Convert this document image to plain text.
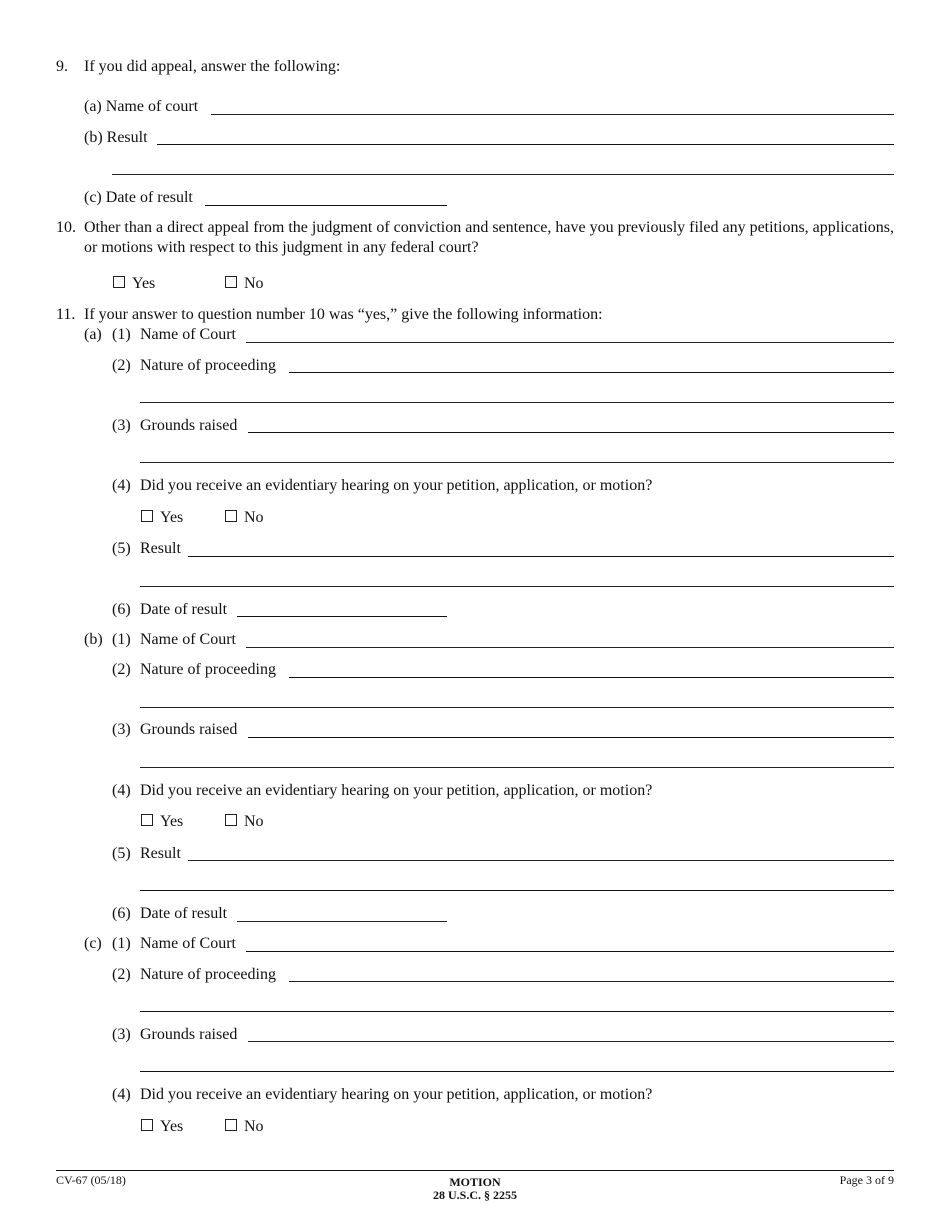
9. If you did appeal, answer the following:
(a) Name of court
(b) Result
(c) Date of result
10. Other than a direct appeal from the judgment of conviction and sentence, have you previously filed any petitions, applications, or motions with respect to this judgment in any federal court?
Yes	No
11. If your answer to question number 10 was “yes,” give the following information:
(a) (1) Name of Court
(2) Nature of proceeding
(3) Grounds raised
(4) Did you receive an evidentiary hearing on your petition, application, or motion?
Yes	No
(5) Result
(6) Date of result
(b) (1) Name of Court
(2) Nature of proceeding
(3) Grounds raised
(4) Did you receive an evidentiary hearing on your petition, application, or motion?
Yes	No
(5) Result
(6) Date of result
(c) (1) Name of Court
(2) Nature of proceeding
(3) Grounds raised
(4) Did you receive an evidentiary hearing on your petition, application, or motion?
Yes	No
CV-67 (05/18)	MOTION
28 U.S.C. § 2255
Page 3 of 9
